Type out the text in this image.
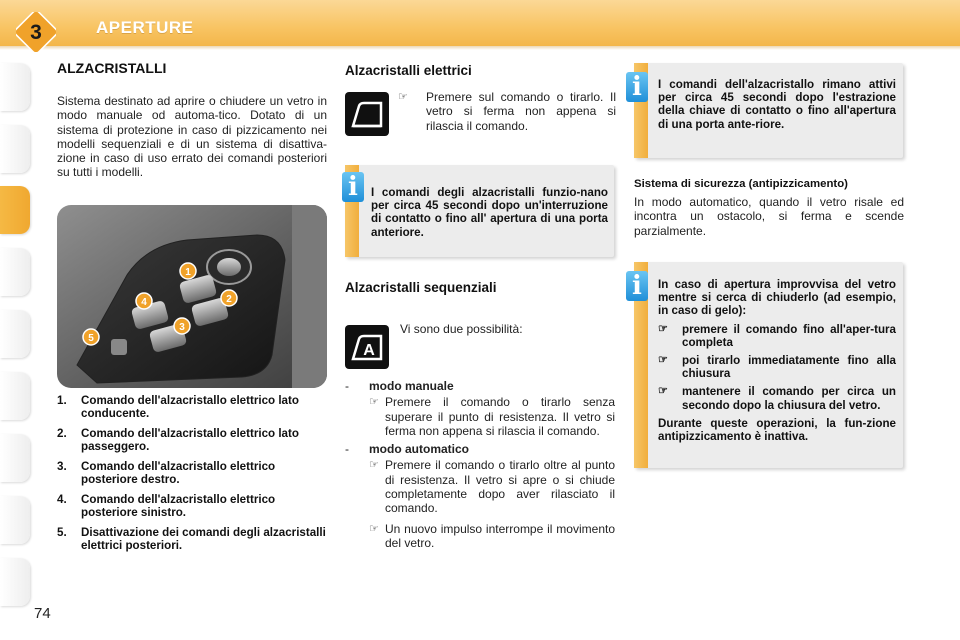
3	APERTURE
74
ALZACRISTALLI

Sistema destinato ad aprire o chiudere un vetro in modo manuale od automa-tico. Dotato di un sistema di protezione in caso di pizzicamento nei modelli sequenziali e di un sistema di disattiva-zione in caso di uso errato dei comandi posteriori su tutti i modelli.

1
2
3
4
5
1.	Comando dell'alzacristallo elettrico lato conducente.
2.	Comando dell'alzacristallo elettrico lato passeggero.
3.	Comando dell'alzacristallo elettrico posteriore destro.
4.	Comando dell'alzacristallo elettrico posteriore sinistro.
5.	Disattivazione dei comandi degli alzacristalli elettrici posteriori.
Alzacristalli elettrici
☞	Premere sul comando o tirarlo. Il vetro si ferma non appena si rilascia il comando.
I comandi degli alzacristalli funzio-nano per circa 45 secondi dopo un'interruzione di contatto o fino all' apertura di una porta anteriore.
i
Alzacristalli sequenziali
A
Vi sono due possibilità:
-	modo manuale
☞ Premere il comando o tirarlo senza superare il punto di resistenza. Il vetro si ferma non appena si rilascia il comando.
-	modo automatico
☞ Premere il comando o tirarlo oltre al punto di resistenza. Il vetro si apre o si chiude completamente dopo aver rilasciato il comando.
☞ Un nuovo impulso interrompe il movimento del vetro.
I comandi dell'alzacristallo rimano attivi per circa 45 secondi dopo l'estrazione della chiave di contatto o fino all'apertura di una porta ante-riore.
i
Sistema di sicurezza (antipizzicamento)

In modo automatico, quando il vetro risale ed incontra un ostacolo, si ferma e scende parzialmente.

In caso di apertura improvvisa del vetro mentre si cerca di chiuderlo (ad esempio, in caso di gelo):
☞	premere il comando fino all'aper-tura completa
☞	poi tirarlo immediatamente fino alla chiusura
☞	mantenere il comando per circa un secondo dopo la chiusura del vetro.
Durante queste operazioni, la fun-zione antipizzicamento è inattiva.
i
